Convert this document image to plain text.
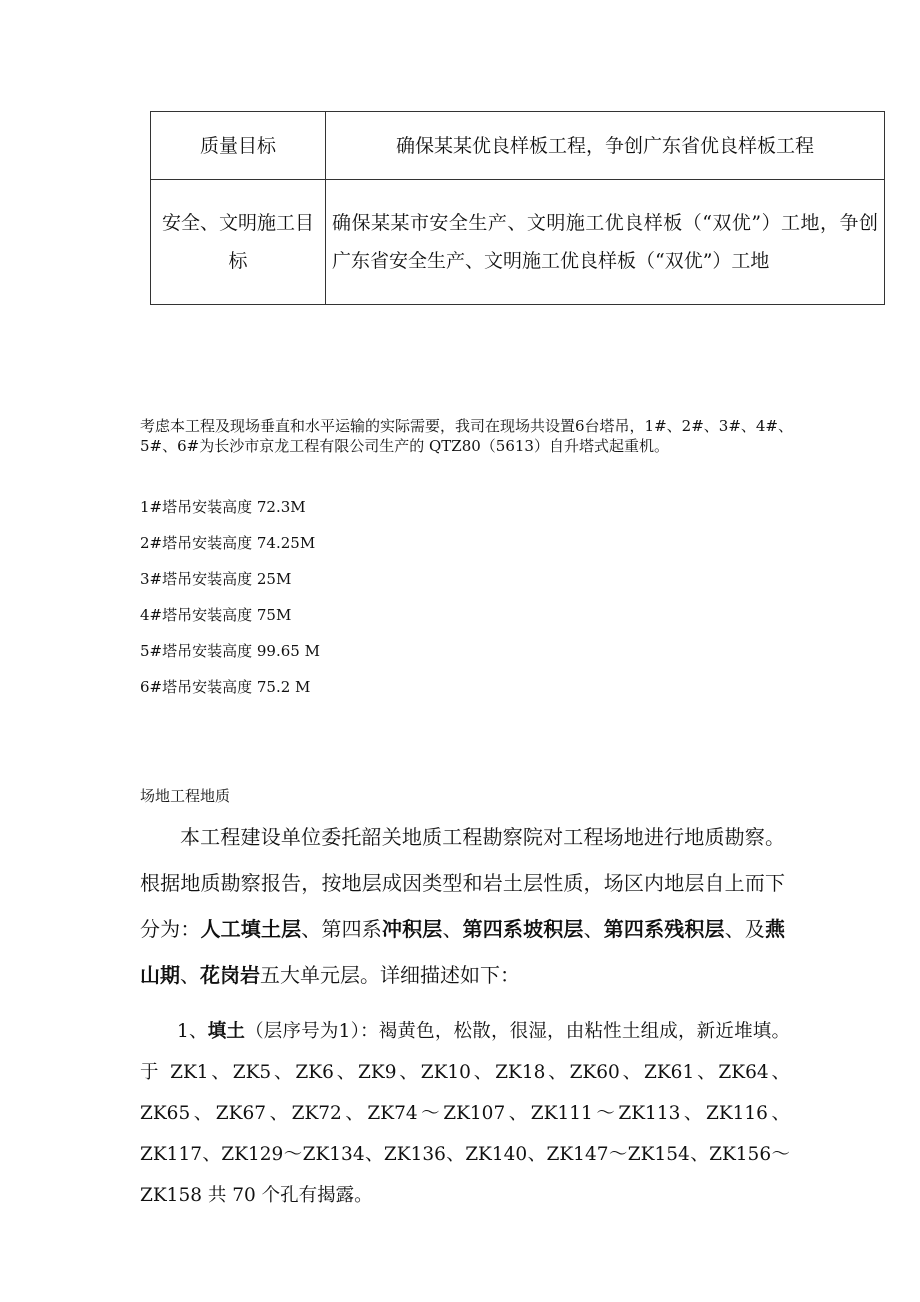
质量目标	确保某某优良样板工程，争创广东省优良样板工程
安全、文明施工目标	确保某某市安全生产、文明施工优良样板（“双优”）工地，争创广东省安全生产、文明施工优良样板（“双优”）工地

考虑本工程及现场垂直和水平运输的实际需要，我司在现场共设置6台塔吊，1#、2#、3#、4#、5#、6#为长沙市京龙工程有限公司生产的 QTZ80（5613）自升塔式起重机。

1#塔吊安装高度 72.3M
2#塔吊安装高度 74.25M
3#塔吊安装高度 25M
4#塔吊安装高度 75M
5#塔吊安装高度 99.65 M
6#塔吊安装高度 75.2 M

场地工程地质

本工程建设单位委托韶关地质工程勘察院对工程场地进行地质勘察。根据地质勘察报告，按地层成因类型和岩土层性质，场区内地层自上而下分为：人工填土层、第四系冲积层、第四系坡积层、第四系残积层、及燕山期、花岗岩五大单元层。详细描述如下：

1、填土（层序号为1）：褐黄色，松散，很湿，由粘性土组成，新近堆填。于 ZK1、ZK5、ZK6、ZK9、ZK10、ZK18、ZK60、ZK61、ZK64、ZK65、ZK67、ZK72、ZK74～ZK107、ZK111～ZK113、ZK116、ZK117、ZK129～ZK134、ZK136、ZK140、ZK147～ZK154、ZK156～ZK158 共 70 个孔有揭露。
